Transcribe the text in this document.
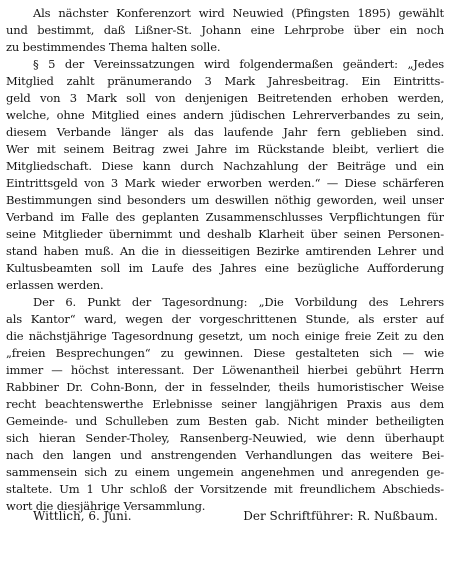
Als nächster Konferenzort wird Neuwied (Pfingsten 1895) gewählt
und bestimmt, daß Lißner-St. Johann eine Lehrprobe über ein noch
zu bestimmendes Thema halten solle.
§ 5 der Vereinssatzungen wird folgendermaßen geändert: „Jedes
Mitglied zahlt pränumerando 3 Mark Jahresbeitrag. Ein Eintritts-
geld von 3 Mark soll von denjenigen Beitretenden erhoben werden,
welche, ohne Mitglied eines andern jüdischen Lehrerverbandes zu sein,
diesem Verbande länger als das laufende Jahr fern geblieben sind.
Wer mit seinem Beitrag zwei Jahre im Rückstande bleibt, verliert die
Mitgliedschaft. Diese kann durch Nachzahlung der Beiträge und ein
Eintrittsgeld von 3 Mark wieder erworben werden.“ — Diese schärferen
Bestimmungen sind besonders um deswillen nöthig geworden, weil unser
Verband im Falle des geplanten Zusammenschlusses Verpflichtungen für
seine Mitglieder übernimmt und deshalb Klarheit über seinen Personen-
stand haben muß. An die in diesseitigen Bezirke amtirenden Lehrer und
Kultusbeamten soll im Laufe des Jahres eine bezügliche Aufforderung
erlassen werden.
Der 6. Punkt der Tagesordnung: „Die Vorbildung des Lehrers
als Kantor“ ward, wegen der vorgeschrittenen Stunde, als erster auf
die nächstjährige Tagesordnung gesetzt, um noch einige freie Zeit zu den
„freien Besprechungen“ zu gewinnen. Diese gestalteten sich — wie
immer — höchst interessant. Der Löwenantheil hierbei gebührt Herrn
Rabbiner Dr. Cohn-Bonn, der in fesselnder, theils humoristischer Weise
recht beachtenswerthe Erlebnisse seiner langjährigen Praxis aus dem
Gemeinde- und Schulleben zum Besten gab. Nicht minder betheiligten
sich hieran Sender-Tholey, Ransenberg-Neuwied, wie denn überhaupt
nach den langen und anstrengenden Verhandlungen das weitere Bei-
sammensein sich zu einem ungemein angenehmen und anregenden ge-
staltete. Um 1 Uhr schloß der Vorsitzende mit freundlichem Abschieds-
wort die diesjährige Versammlung.
Wittlich, 6. Juni.	Der Schriftführer: R. Nußbaum.
